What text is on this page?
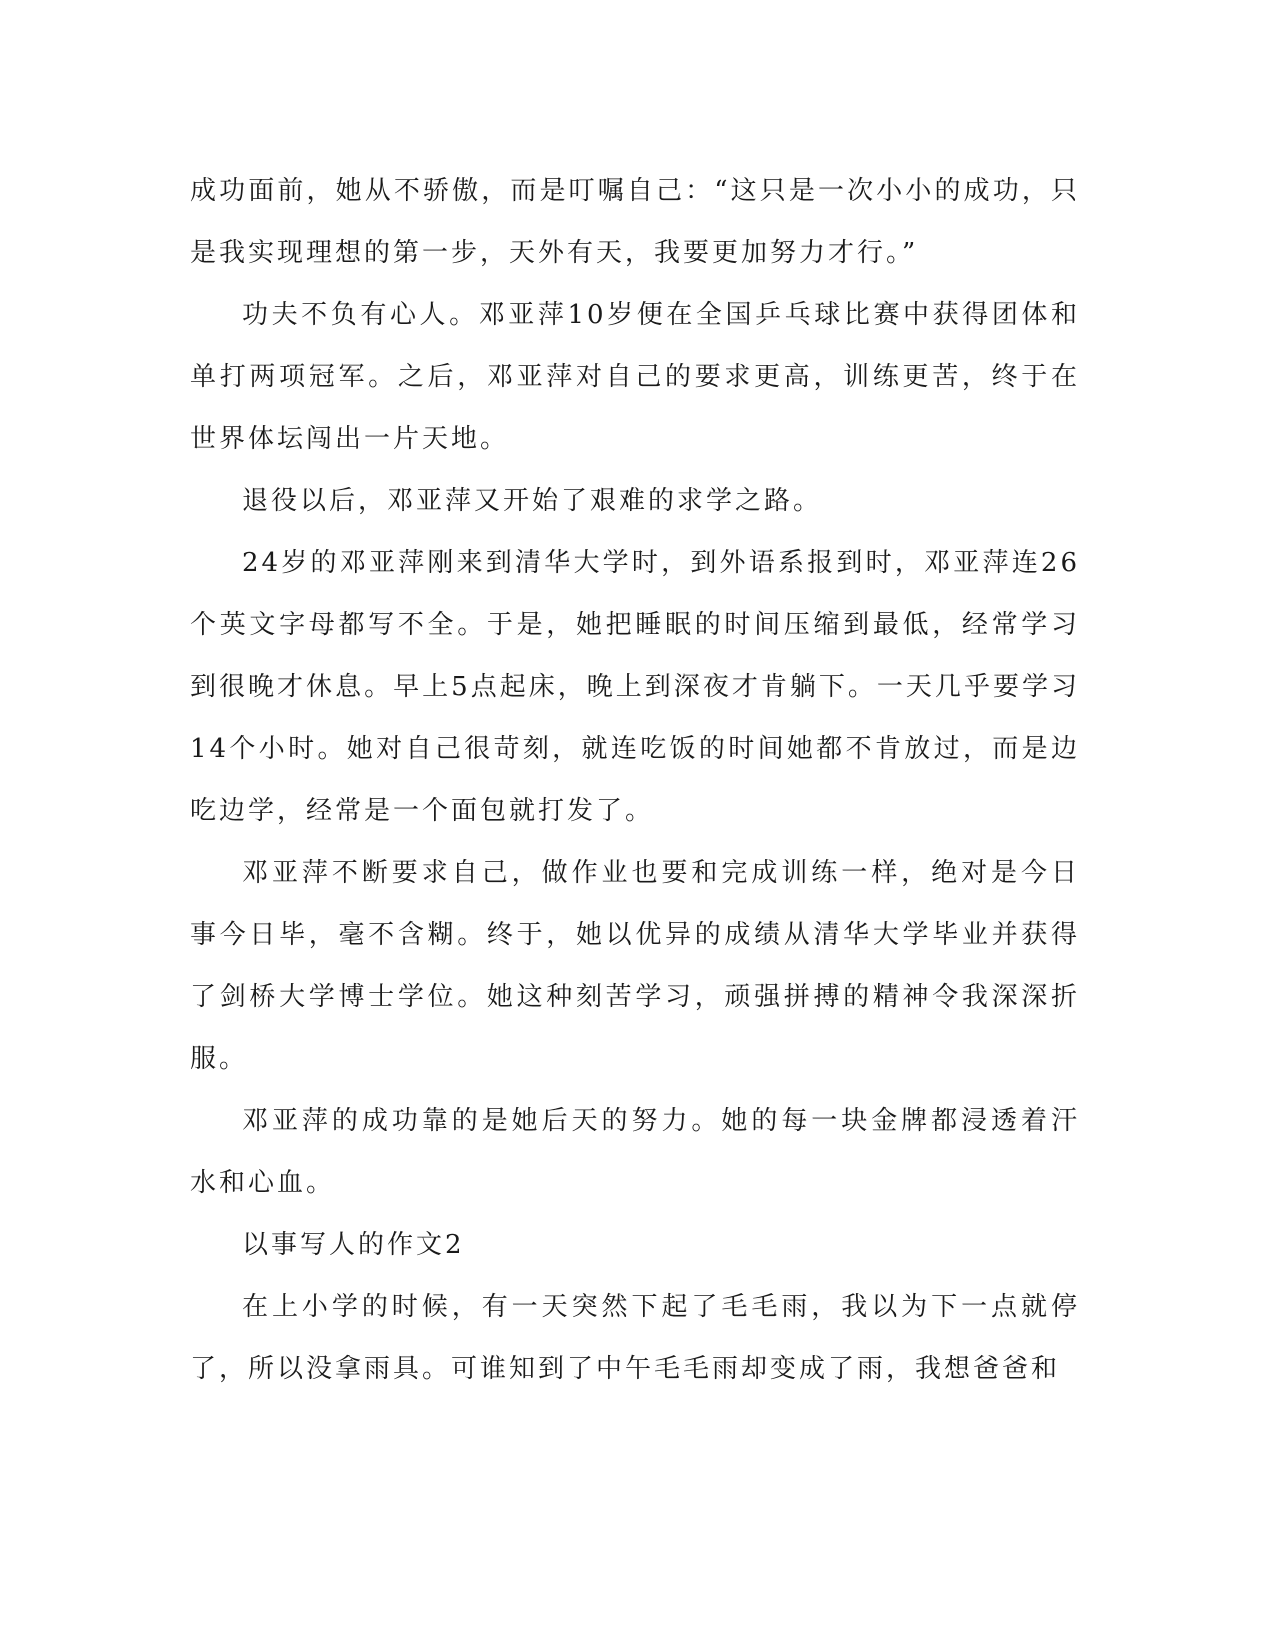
成功面前，她从不骄傲，而是叮嘱自己：“这只是一次小小的成功，只是我实现理想的第一步，天外有天，我要更加努力才行。”

功夫不负有心人。邓亚萍10岁便在全国乒乓球比赛中获得团体和单打两项冠军。之后，邓亚萍对自己的要求更高，训练更苦，终于在世界体坛闯出一片天地。

退役以后，邓亚萍又开始了艰难的求学之路。

24岁的邓亚萍刚来到清华大学时，到外语系报到时，邓亚萍连26个英文字母都写不全。于是，她把睡眠的时间压缩到最低，经常学习到很晚才休息。早上5点起床，晚上到深夜才肯躺下。一天几乎要学习14个小时。她对自己很苛刻，就连吃饭的时间她都不肯放过，而是边吃边学，经常是一个面包就打发了。

邓亚萍不断要求自己，做作业也要和完成训练一样，绝对是今日事今日毕，毫不含糊。终于，她以优异的成绩从清华大学毕业并获得了剑桥大学博士学位。她这种刻苦学习，顽强拼搏的精神令我深深折服。

邓亚萍的成功靠的是她后天的努力。她的每一块金牌都浸透着汗水和心血。

以事写人的作文2

在上小学的时候，有一天突然下起了毛毛雨，我以为下一点就停了，所以没拿雨具。可谁知到了中午毛毛雨却变成了雨，我想爸爸和
